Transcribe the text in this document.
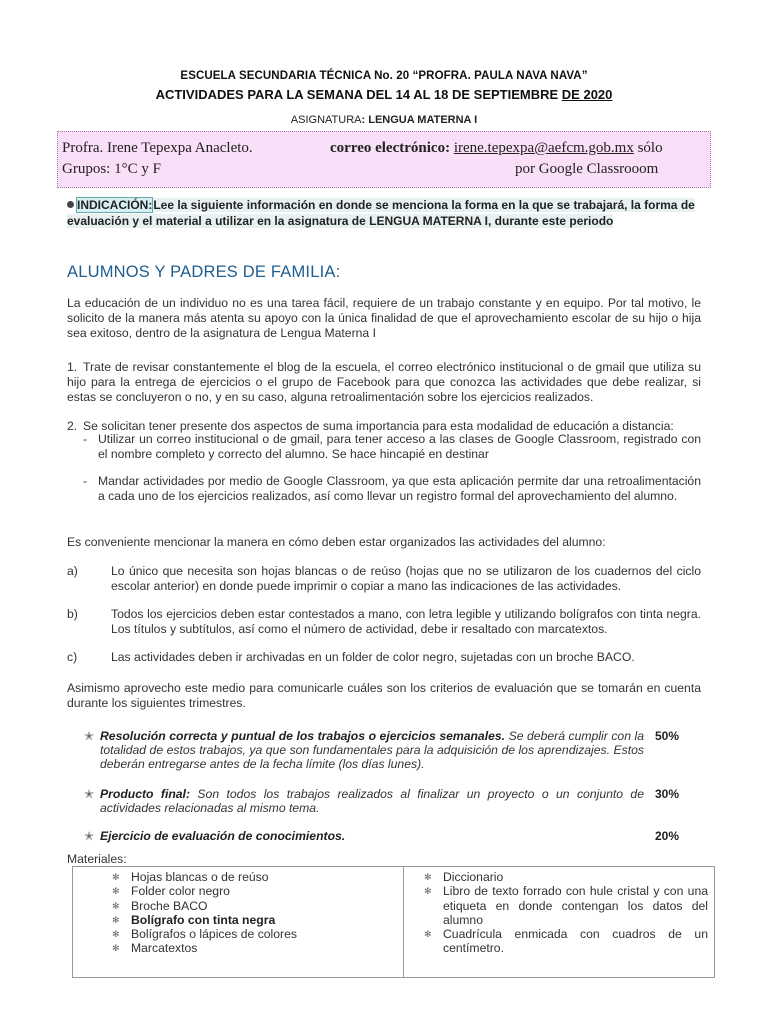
ESCUELA SECUNDARIA TÉCNICA No. 20 “PROFRA. PAULA NAVA NAVA”
ACTIVIDADES PARA LA SEMANA DEL 14 AL 18 DE SEPTIEMBRE DE 2020
ASIGNATURA: LENGUA MATERNA I
Profra. Irene Tepexpa Anacleto.
Grupos: 1°C y F
correo electrónico: irene.tepexpa@aefcm.gob.mx sólo
por Google Classrooom
INDICACIÓN:Lee la siguiente información en donde se menciona la forma en la que se trabajará, la forma de evaluación y el material a utilizar en la asignatura de LENGUA MATERNA I, durante este periodo
ALUMNOS Y PADRES DE FAMILIA:
La educación de un individuo no es una tarea fácil, requiere de un trabajo constante y en equipo. Por tal motivo, le solicito de la manera más atenta su apoyo con la única finalidad de que el aprovechamiento escolar de su hijo o hija sea exitoso, dentro de la asignatura de Lengua Materna I
1. Trate de revisar constantemente el blog de la escuela, el correo electrónico institucional o de gmail que utiliza su hijo para la entrega de ejercicios o el grupo de Facebook para que conozca las actividades que debe realizar, si estas se concluyeron o no, y en su caso, alguna retroalimentación sobre los ejercicios realizados.
2. Se solicitan tener presente dos aspectos de suma importancia para esta modalidad de educación a distancia:
- Utilizar un correo institucional o de gmail, para tener acceso a las clases de Google Classroom, registrado con el nombre completo y correcto del alumno. Se hace hincapié en destinar
- Mandar actividades por medio de Google Classroom, ya que esta aplicación permite dar una retroalimentación a cada uno de los ejercicios realizados, así como llevar un registro formal del aprovechamiento del alumno.
Es conveniente mencionar la manera en cómo deben estar organizados las actividades del alumno:
a)	Lo único que necesita son hojas blancas o de reúso (hojas que no se utilizaron de los cuadernos del ciclo escolar anterior) en donde puede imprimir o copiar a mano las indicaciones de las actividades.
b)	Todos los ejercicios deben estar contestados a mano, con letra legible y utilizando bolígrafos con tinta negra. Los títulos y subtítulos, así como el número de actividad, debe ir resaltado con marcatextos.
c)	Las actividades deben ir archivadas en un folder de color negro, sujetadas con un broche BACO.
Asimismo aprovecho este medio para comunicarle cuáles son los criterios de evaluación que se tomarán en cuenta durante los siguientes trimestres.
✭ Resolución correcta y puntual de los trabajos o ejercicios semanales. Se deberá cumplir con la totalidad de estos trabajos, ya que son fundamentales para la adquisición de los aprendizajes. Estos deberán entregarse antes de la fecha límite (los días lunes).
50%
✭ Producto final: Son todos los trabajos realizados al finalizar un proyecto o un conjunto de actividades relacionadas al mismo tema.
30%
✭ Ejercicio de evaluación de conocimientos.	20%
Materiales:
✻ Hojas blancas o de reúso
✻ Folder color negro
✻ Broche BACO
✻ Bolígrafo con tinta negra
✻ Bolígrafos o lápices de colores
✻ Marcatextos
✻ Diccionario
✻ Libro de texto forrado con hule cristal y con una etiqueta en donde contengan los datos del alumno
✻ Cuadrícula enmicada con cuadros de un centímetro.
